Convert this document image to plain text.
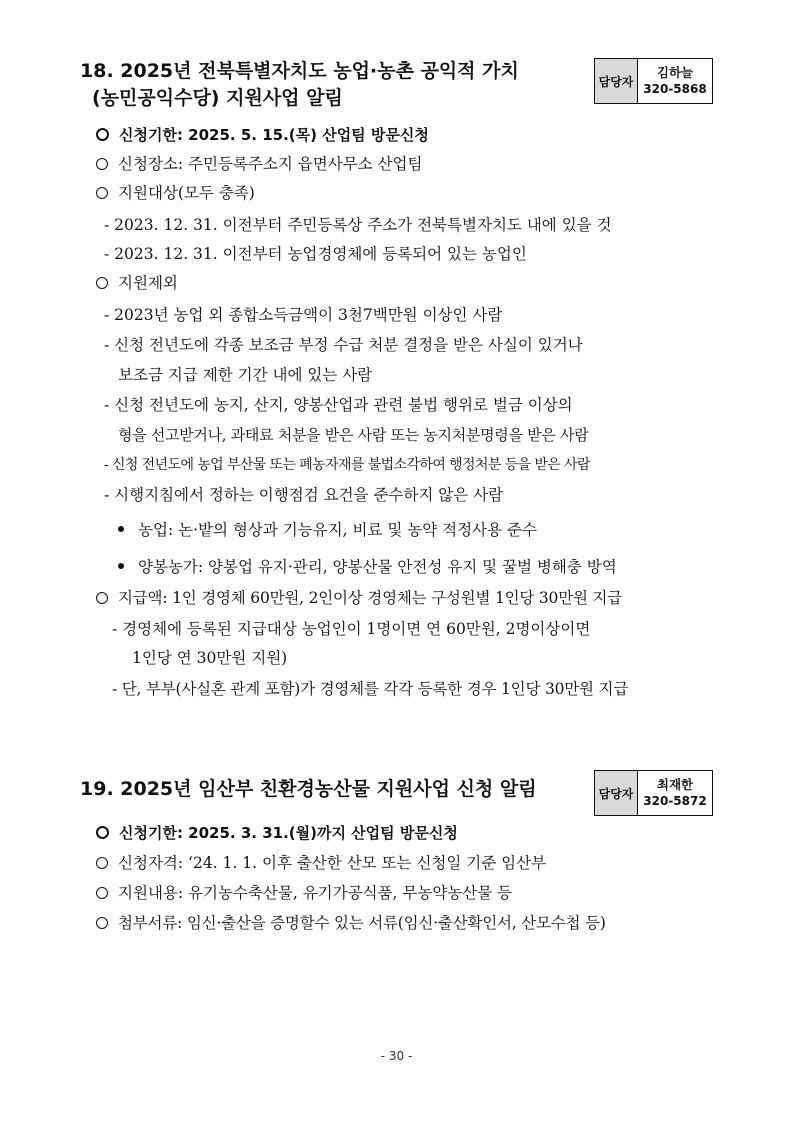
18. 2025년 전북특별자치도 농업·농촌 공익적 가치
(농민공익수당) 지원사업 알림
담당자
김하늘
320-5868
신청기한: 2025. 5. 15.(목) 산업팀 방문신청
신청장소: 주민등록주소지 읍면사무소 산업팀
지원대상(모두 충족)
- 2023. 12. 31. 이전부터 주민등록상 주소가 전북특별자치도 내에 있을 것
- 2023. 12. 31. 이전부터 농업경영체에 등록되어 있는 농업인
지원제외
- 2023년 농업 외 종합소득금액이 3천7백만원 이상인 사람
- 신청 전년도에 각종 보조금 부정 수급 처분 결정을 받은 사실이 있거나
보조금 지급 제한 기간 내에 있는 사람
- 신청 전년도에 농지, 산지, 양봉산업과 관련 불법 행위로 벌금 이상의
형을 선고받거나, 과태료 처분을 받은 사람 또는 농지처분명령을 받은 사람
- 신청 전년도에 농업 부산물 또는 폐농자재를 불법소각하여 행정처분 등을 받은 사람
- 시행지침에서 정하는 이행점검 요건을 준수하지 않은 사람
농업: 논·밭의 형상과 기능유지, 비료 및 농약 적정사용 준수
양봉농가: 양봉업 유지·관리, 양봉산물 안전성 유지 및 꿀벌 병해충 방역
지급액: 1인 경영체 60만원, 2인이상 경영체는 구성원별 1인당 30만원 지급
- 경영체에 등록된 지급대상 농업인이 1명이면 연 60만원, 2명이상이면
1인당 연 30만원 지원)
- 단, 부부(사실혼 관계 포함)가 경영체를 각각 등록한 경우 1인당 30만원 지급
19. 2025년 임산부 친환경농산물 지원사업 신청 알림	담당자
최재한
320-5872
신청기한: 2025. 3. 31.(월)까지 산업팀 방문신청
신청자격: ‘24. 1. 1. 이후 출산한 산모 또는 신청일 기준 임산부
지원내용: 유기농수축산물, 유기가공식품, 무농약농산물 등
첨부서류: 임신·출산을 증명할수 있는 서류(임신·출산확인서, 산모수첩 등)
- 30 -
